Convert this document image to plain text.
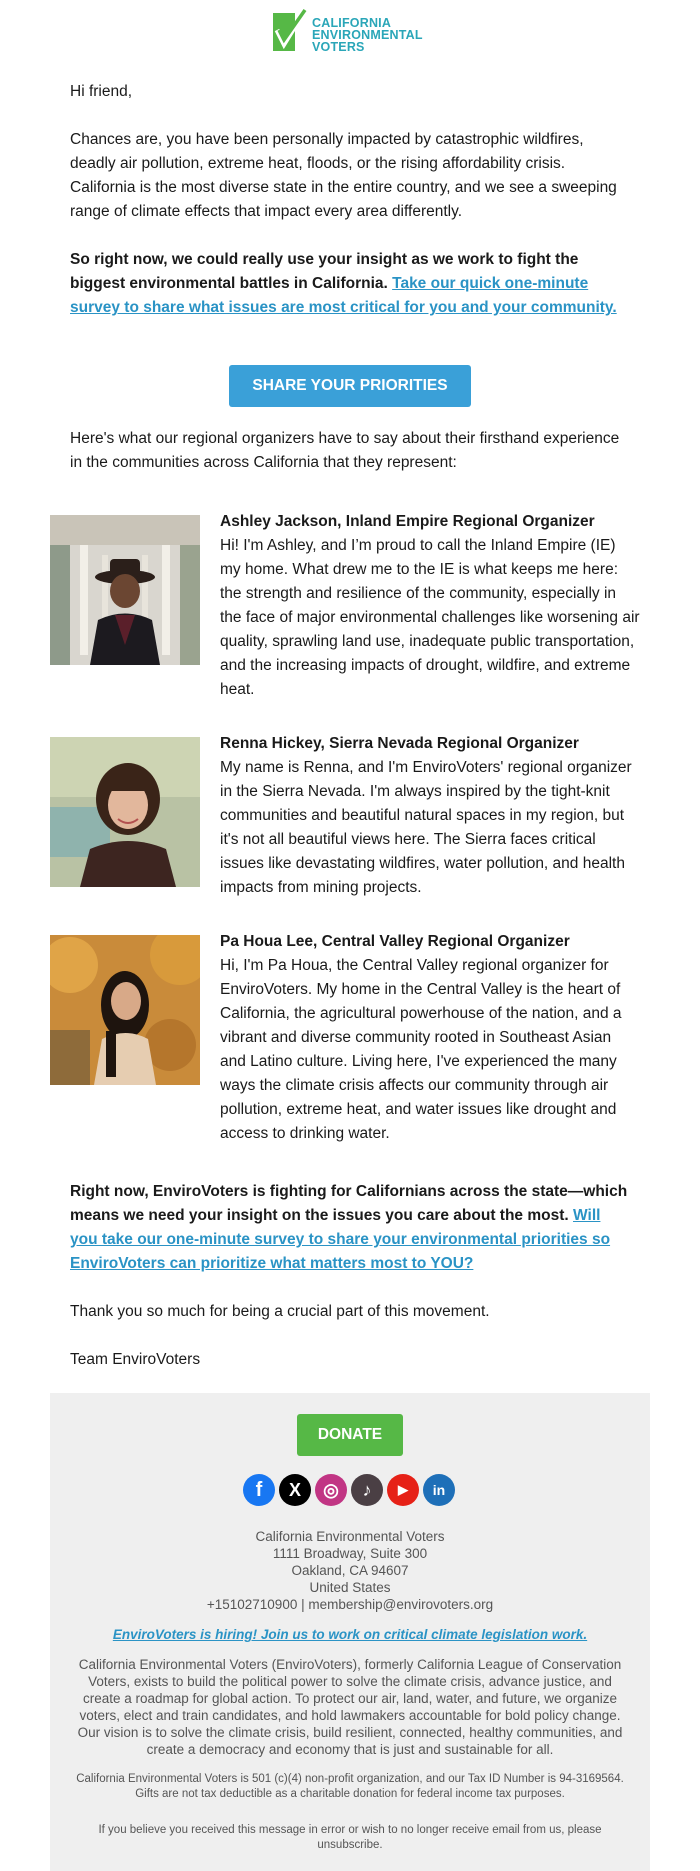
CALIFORNIA
ENVIRONMENTAL
VOTERS
Hi friend,
Chances are, you have been personally impacted by catastrophic wildfires, deadly air pollution, extreme heat, floods, or the rising affordability crisis. California is the most diverse state in the entire country, and we see a sweeping range of climate effects that impact every area differently.
So right now, we could really use your insight as we work to fight the biggest environmental battles in California. Take our quick one-minute survey to share what issues are most critical for you and your community.
SHARE YOUR PRIORITIES
Here's what our regional organizers have to say about their firsthand experience in the communities across California that they represent:
Ashley Jackson, Inland Empire Regional Organizer
Hi! I'm Ashley, and I’m proud to call the Inland Empire (IE) my home. What drew me to the IE is what keeps me here: the strength and resilience of the community, especially in the face of major environmental challenges like worsening air quality, sprawling land use, inadequate public transportation, and the increasing impacts of drought, wildfire, and extreme heat.
Renna Hickey, Sierra Nevada Regional Organizer
My name is Renna, and I'm EnviroVoters' regional organizer in the Sierra Nevada. I'm always inspired by the tight-knit communities and beautiful natural spaces in my region, but it's not all beautiful views here. The Sierra faces critical issues like devastating wildfires, water pollution, and health impacts from mining projects.
Pa Houa Lee, Central Valley Regional Organizer
Hi, I'm Pa Houa, the Central Valley regional organizer for EnviroVoters. My home in the Central Valley is the heart of California, the agricultural powerhouse of the nation, and a vibrant and diverse community rooted in Southeast Asian and Latino culture. Living here, I've experienced the many ways the climate crisis affects our community through air pollution, extreme heat, and water issues like drought and access to drinking water.
Right now, EnviroVoters is fighting for Californians across the state—which means we need your insight on the issues you care about the most. Will you take our one-minute survey to share your environmental priorities so EnviroVoters can prioritize what matters most to YOU?
Thank you so much for being a crucial part of this movement.
Team EnviroVoters
DONATE
f X ◎ ♪ ▶ in
California Environmental Voters
1111 Broadway, Suite 300
Oakland, CA 94607
United States
+15102710900 | membership@envirovoters.org
EnviroVoters is hiring! Join us to work on critical climate legislation work.
California Environmental Voters (EnviroVoters), formerly California League of Conservation Voters, exists to build the political power to solve the climate crisis, advance justice, and create a roadmap for global action. To protect our air, land, water, and future, we organize voters, elect and train candidates, and hold lawmakers accountable for bold policy change. Our vision is to solve the climate crisis, build resilient, connected, healthy communities, and create a democracy and economy that is just and sustainable for all.
California Environmental Voters is 501 (c)(4) non-profit organization, and our Tax ID Number is 94-3169564. Gifts are not tax deductible as a charitable donation for federal income tax purposes.
If you believe you received this message in error or wish to no longer receive email from us, please unsubscribe.
